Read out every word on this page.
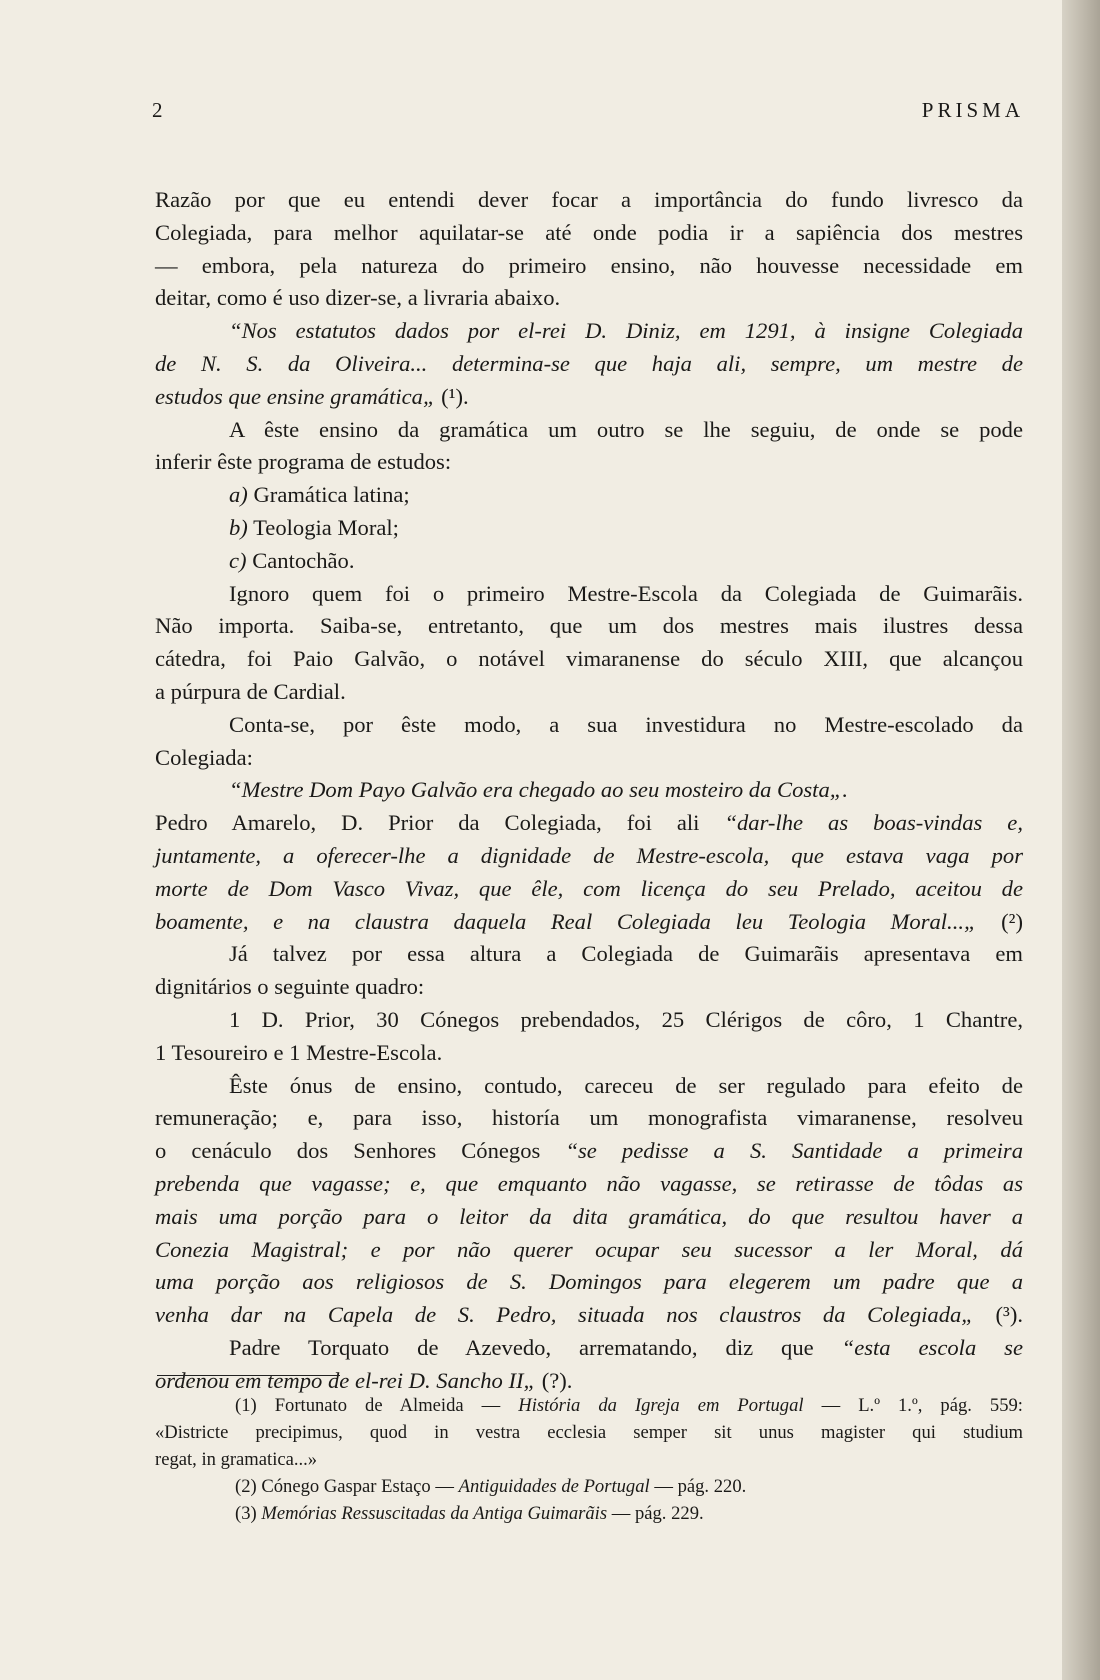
2	PRISMA

Razão por que eu entendi dever focar a importância do fundo livresco da

Colegiada, para melhor aquilatar-se até onde podia ir a sapiência dos mestres

— embora, pela natureza do primeiro ensino, não houvesse necessidade em

deitar, como é uso dizer-se, a livraria abaixo.

“Nos estatutos dados por el-rei D. Diniz, em 1291, à insigne Colegiada

de N. S. da Oliveira... determina-se que haja ali, sempre, um mestre de

estudos que ensine gramática„ (¹).

A êste ensino da gramática um outro se lhe seguiu, de onde se pode

inferir êste programa de estudos:

a) Gramática latina;

b) Teologia Moral;

c) Cantochão.

Ignoro quem foi o primeiro Mestre-Escola da Colegiada de Guimarãis.

Não importa. Saiba-se, entretanto, que um dos mestres mais ilustres dessa

cátedra, foi Paio Galvão, o notável vimaranense do século XIII, que alcançou

a púrpura de Cardial.

Conta-se, por êste modo, a sua investidura no Mestre-escolado da

Colegiada:

“Mestre Dom Payo Galvão era chegado ao seu mosteiro da Costa„.

Pedro Amarelo, D. Prior da Colegiada, foi ali “dar-lhe as boas-vindas e,

juntamente, a oferecer-lhe a dignidade de Mestre-escola, que estava vaga por

morte de Dom Vasco Vivaz, que êle, com licença do seu Prelado, aceitou de

boamente, e na claustra daquela Real Colegiada leu Teologia Moral...„ (²)

Já talvez por essa altura a Colegiada de Guimarãis apresentava em

dignitários o seguinte quadro:

1 D. Prior, 30 Cónegos prebendados, 25 Clérigos de côro, 1 Chantre,

1 Tesoureiro e 1 Mestre-Escola.

Êste ónus de ensino, contudo, careceu de ser regulado para efeito de

remuneração; e, para isso, historía um monografista vimaranense, resolveu

o cenáculo dos Senhores Cónegos “se pedisse a S. Santidade a primeira

prebenda que vagasse; e, que emquanto não vagasse, se retirasse de tôdas as

mais uma porção para o leitor da dita gramática, do que resultou haver a

Conezia Magistral; e por não querer ocupar seu sucessor a ler Moral, dá

uma porção aos religiosos de S. Domingos para elegerem um padre que a

venha dar na Capela de S. Pedro, situada nos claustros da Colegiada„ (³).

Padre Torquato de Azevedo, arrematando, diz que “esta escola se

ordenou em tempo de el-rei D. Sancho II„ (?).

(1) Fortunato de Almeida — História da Igreja em Portugal — L.º 1.º, pág. 559:

«Districte precipimus, quod in vestra ecclesia semper sit unus magister qui studium

regat, in gramatica...»

(2) Cónego Gaspar Estaço — Antiguidades de Portugal — pág. 220.

(3) Memórias Ressuscitadas da Antiga Guimarãis — pág. 229.
